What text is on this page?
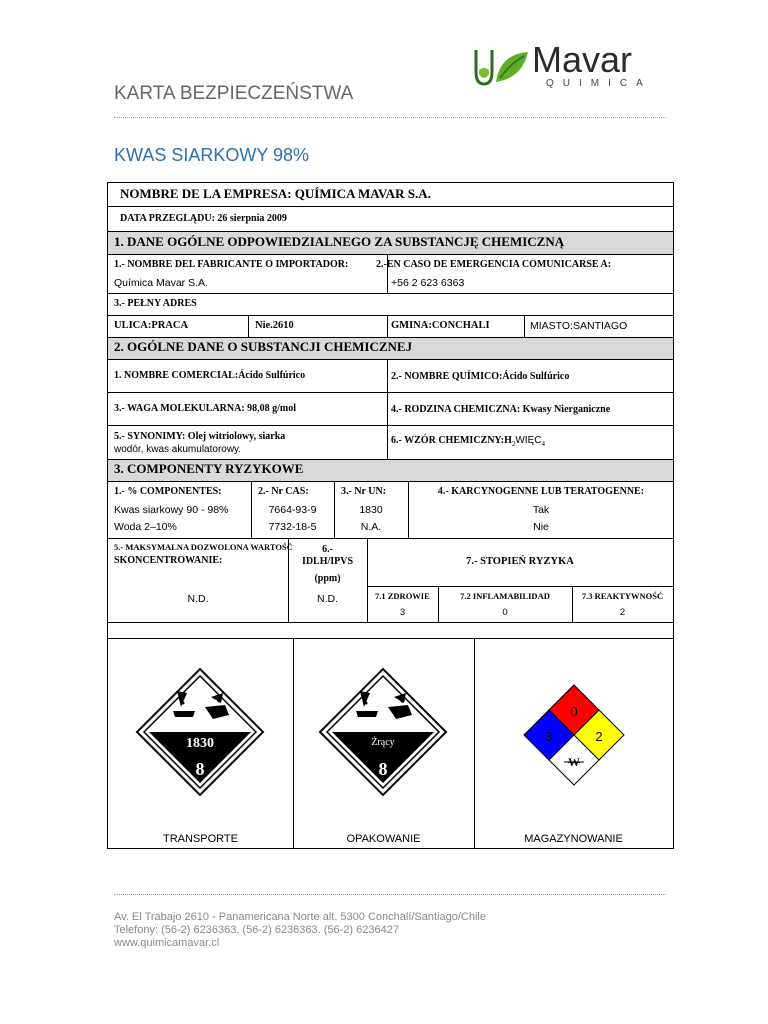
Mavar
QUIMICA
KARTA BEZPIECZEŃSTWA
KWAS SIARKOWY 98%
NOMBRE DE LA EMPRESA: QUÍMICA MAVAR S.A.
DATA PRZEGLĄDU: 26 sierpnia 2009
1. DANE OGÓLNE ODPOWIEDZIALNEGO ZA SUBSTANCJĘ CHEMICZNĄ
1.- NOMBRE DEL FABRICANTE O IMPORTADOR:
Química Mavar S.A.
2.-EN CASO DE EMERGENCIA COMUNICARSE A:
+56 2 623 6363
3.- PEŁNY ADRES
ULICA:PRACA	Nie.2610	GMINA:CONCHALI	MIASTO:SANTIAGO
2. OGÓLNE DANE O SUBSTANCJI CHEMICZNEJ
1. NOMBRE COMERCIAL:Ácido Sulfúrico	2.- NOMBRE QUÍMICO:Ácido Sulfúrico
3.- WAGA MOLEKULARNA: 98,08 g/mol	4.- RODZINA CHEMICZNA: Kwasy Nierganiczne
5.- SYNONIMY: Olej witriolowy, siarka
wodór, kwas akumulatorowy.
6.- WZÓR $CHEMICZNY:H_2WIĘC_4$
3. COMPONENTY RYZYKOWE
1.- % COMPONENTES:	2.- Nr CAS:	3.- Nr UN:	4.- KARCYNOGENNE LUB TERATOGENNE:
Kwas siarkowy 90 - 98%	7664-93-9	1830	Tak
Woda 2–10%	7732-18-5	N.A.	Nie
5.- MAKSYMALNA DOZWOLONA WARTOŚĆ
SKONCENTROWANIE:
N.D.
6.-
IDLH/IPVS
(ppm)
N.D.
7.- STOPIEŃ RYZYKA
7.1 ZDROWIE
3
7.2 INFLAMABILIDAD
0
7.3 REAKTYWNOŚĆ
2
1830
8
Żrący
8
0
3	2
W
TRANSPORTE	OPAKOWANIE	MAGAZYNOWANIE
Av. El Trabajo 2610 - Panamericana Norte alt. 5300 Conchalí/Santiago/Chile
Telefony: (56-2) 6236363. (56-2) 6236363. (56-2) 6236427
www.quimicamavar.cl
